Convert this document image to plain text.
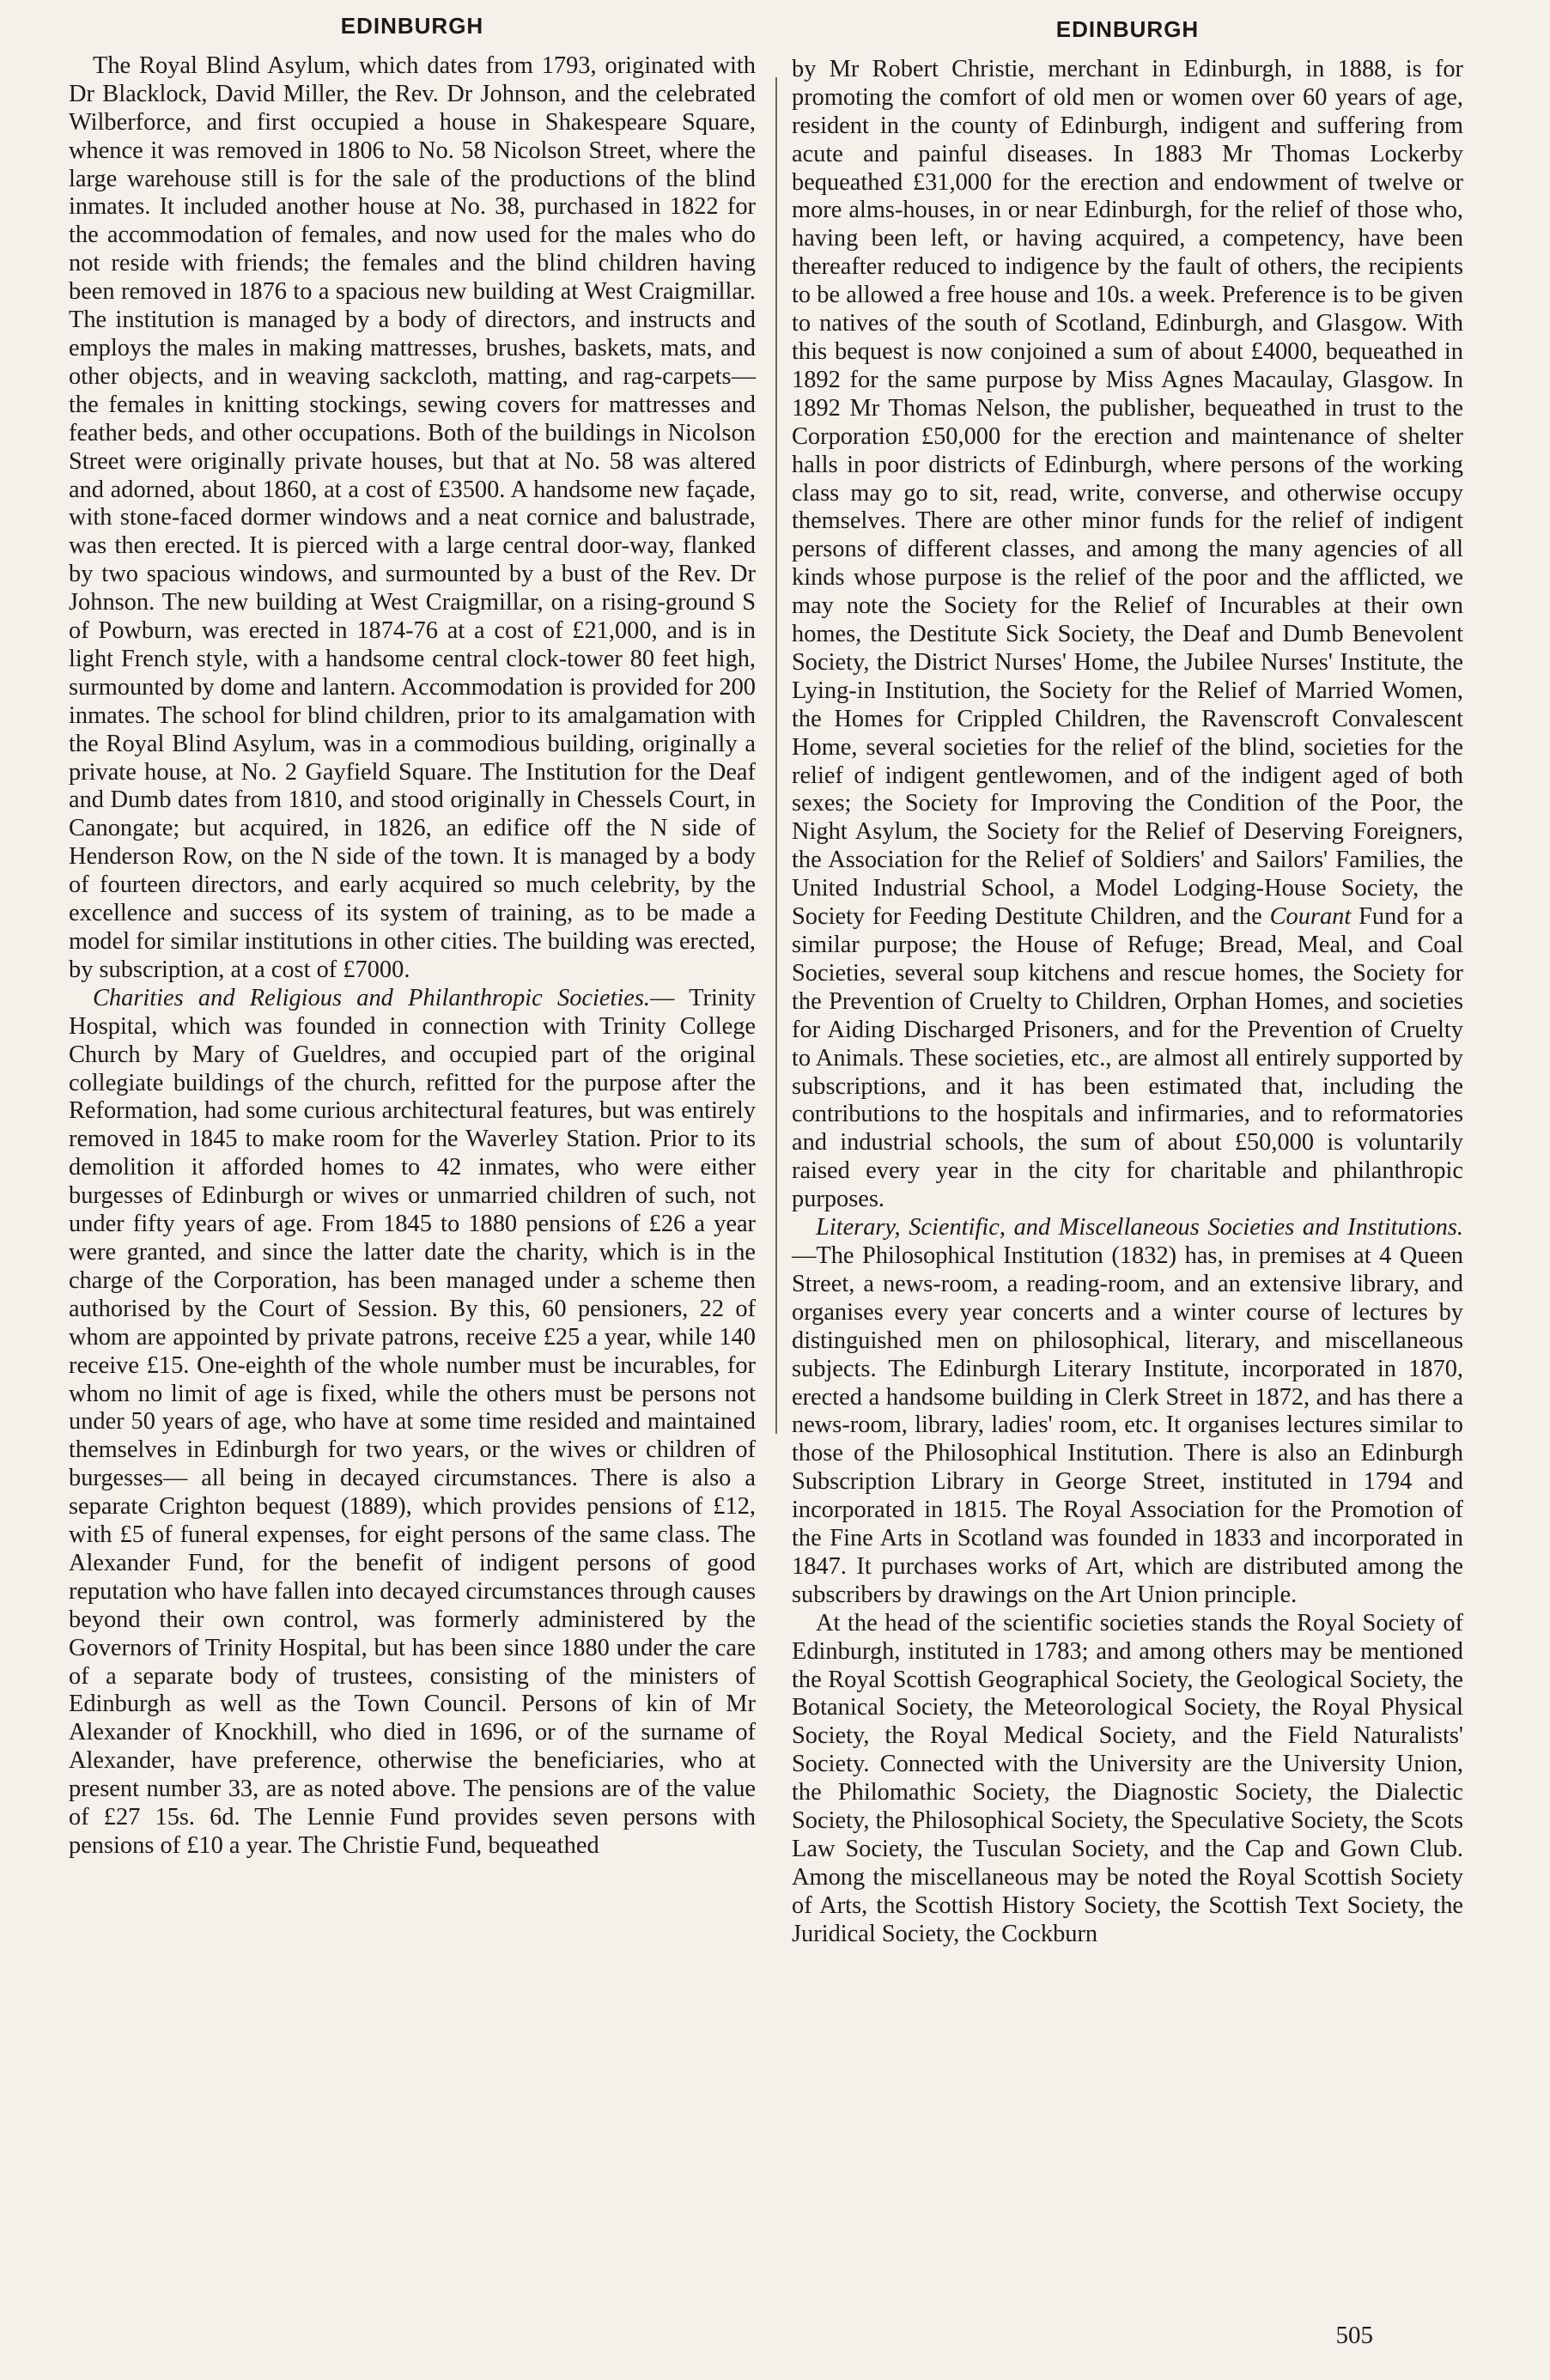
EDINBURGH

The Royal Blind Asylum, which dates from 1793, originated with Dr Blacklock, David Miller, the Rev. Dr Johnson, and the celebrated Wilberforce, and first occupied a house in Shakespeare Square, whence it was removed in 1806 to No. 58 Nicolson Street, where the large warehouse still is for the sale of the productions of the blind inmates. It included another house at No. 38, purchased in 1822 for the accommodation of females, and now used for the males who do not reside with friends; the females and the blind children having been removed in 1876 to a spacious new building at West Craigmillar. The institution is managed by a body of directors, and instructs and employs the males in making mattresses, brushes, baskets, mats, and other objects, and in weaving sackcloth, matting, and rag-carpets— the females in knitting stockings, sewing covers for mattresses and feather beds, and other occupations. Both of the buildings in Nicolson Street were originally private houses, but that at No. 58 was altered and adorned, about 1860, at a cost of £3500. A handsome new façade, with stone-faced dormer windows and a neat cornice and balustrade, was then erected. It is pierced with a large central door-way, flanked by two spacious windows, and surmounted by a bust of the Rev. Dr Johnson. The new building at West Craigmillar, on a rising-ground S of Powburn, was erected in 1874-76 at a cost of £21,000, and is in light French style, with a handsome central clock-tower 80 feet high, surmounted by dome and lantern. Accommodation is provided for 200 inmates. The school for blind children, prior to its amalgamation with the Royal Blind Asylum, was in a commodious building, originally a private house, at No. 2 Gayfield Square. The Institution for the Deaf and Dumb dates from 1810, and stood originally in Chessels Court, in Canongate; but acquired, in 1826, an edifice off the N side of Henderson Row, on the N side of the town. It is managed by a body of fourteen directors, and early acquired so much celebrity, by the excellence and success of its system of training, as to be made a model for similar institutions in other cities. The building was erected, by subscription, at a cost of £7000.

Charities and Religious and Philanthropic Societies.— Trinity Hospital, which was founded in connection with Trinity College Church by Mary of Gueldres, and occupied part of the original collegiate buildings of the church, refitted for the purpose after the Reformation, had some curious architectural features, but was entirely removed in 1845 to make room for the Waverley Station. Prior to its demolition it afforded homes to 42 inmates, who were either burgesses of Edinburgh or wives or unmarried children of such, not under fifty years of age. From 1845 to 1880 pensions of £26 a year were granted, and since the latter date the charity, which is in the charge of the Corporation, has been managed under a scheme then authorised by the Court of Session. By this, 60 pensioners, 22 of whom are appointed by private patrons, receive £25 a year, while 140 receive £15. One-eighth of the whole number must be incurables, for whom no limit of age is fixed, while the others must be persons not under 50 years of age, who have at some time resided and maintained themselves in Edinburgh for two years, or the wives or children of burgesses— all being in decayed circumstances. There is also a separate Crighton bequest (1889), which provides pensions of £12, with £5 of funeral expenses, for eight persons of the same class. The Alexander Fund, for the benefit of indigent persons of good reputation who have fallen into decayed circumstances through causes beyond their own control, was formerly administered by the Governors of Trinity Hospital, but has been since 1880 under the care of a separate body of trustees, consisting of the ministers of Edinburgh as well as the Town Council. Persons of kin of Mr Alexander of Knockhill, who died in 1696, or of the surname of Alexander, have preference, otherwise the beneficiaries, who at present number 33, are as noted above. The pensions are of the value of £27 15s. 6d. The Lennie Fund provides seven persons with pensions of £10 a year. The Christie Fund, bequeathed

EDINBURGH

by Mr Robert Christie, merchant in Edinburgh, in 1888, is for promoting the comfort of old men or women over 60 years of age, resident in the county of Edinburgh, indigent and suffering from acute and painful diseases. In 1883 Mr Thomas Lockerby bequeathed £31,000 for the erection and endowment of twelve or more alms-houses, in or near Edinburgh, for the relief of those who, having been left, or having acquired, a competency, have been thereafter reduced to indigence by the fault of others, the recipients to be allowed a free house and 10s. a week. Preference is to be given to natives of the south of Scotland, Edinburgh, and Glasgow. With this bequest is now conjoined a sum of about £4000, bequeathed in 1892 for the same purpose by Miss Agnes Macaulay, Glasgow. In 1892 Mr Thomas Nelson, the publisher, bequeathed in trust to the Corporation £50,000 for the erection and maintenance of shelter halls in poor districts of Edinburgh, where persons of the working class may go to sit, read, write, converse, and otherwise occupy themselves. There are other minor funds for the relief of indigent persons of different classes, and among the many agencies of all kinds whose purpose is the relief of the poor and the afflicted, we may note the Society for the Relief of Incurables at their own homes, the Destitute Sick Society, the Deaf and Dumb Benevolent Society, the District Nurses' Home, the Jubilee Nurses' Institute, the Lying-in Institution, the Society for the Relief of Married Women, the Homes for Crippled Children, the Ravenscroft Convalescent Home, several societies for the relief of the blind, societies for the relief of indigent gentlewomen, and of the indigent aged of both sexes; the Society for Improving the Condition of the Poor, the Night Asylum, the Society for the Relief of Deserving Foreigners, the Association for the Relief of Soldiers' and Sailors' Families, the United Industrial School, a Model Lodging-House Society, the Society for Feeding Destitute Children, and the Courant Fund for a similar purpose; the House of Refuge; Bread, Meal, and Coal Societies, several soup kitchens and rescue homes, the Society for the Prevention of Cruelty to Children, Orphan Homes, and societies for Aiding Discharged Prisoners, and for the Prevention of Cruelty to Animals. These societies, etc., are almost all entirely supported by subscriptions, and it has been estimated that, including the contributions to the hospitals and infirmaries, and to reformatories and industrial schools, the sum of about £50,000 is voluntarily raised every year in the city for charitable and philanthropic purposes.

Literary, Scientific, and Miscellaneous Societies and Institutions.—The Philosophical Institution (1832) has, in premises at 4 Queen Street, a news-room, a reading-room, and an extensive library, and organises every year concerts and a winter course of lectures by distinguished men on philosophical, literary, and miscellaneous subjects. The Edinburgh Literary Institute, incorporated in 1870, erected a handsome building in Clerk Street in 1872, and has there a news-room, library, ladies' room, etc. It organises lectures similar to those of the Philosophical Institution. There is also an Edinburgh Subscription Library in George Street, instituted in 1794 and incorporated in 1815. The Royal Association for the Promotion of the Fine Arts in Scotland was founded in 1833 and incorporated in 1847. It purchases works of Art, which are distributed among the subscribers by drawings on the Art Union principle.

At the head of the scientific societies stands the Royal Society of Edinburgh, instituted in 1783; and among others may be mentioned the Royal Scottish Geographical Society, the Geological Society, the Botanical Society, the Meteorological Society, the Royal Physical Society, the Royal Medical Society, and the Field Naturalists' Society. Connected with the University are the University Union, the Philomathic Society, the Diagnostic Society, the Dialectic Society, the Philosophical Society, the Speculative Society, the Scots Law Society, the Tusculan Society, and the Cap and Gown Club. Among the miscellaneous may be noted the Royal Scottish Society of Arts, the Scottish History Society, the Scottish Text Society, the Juridical Society, the Cockburn

505
